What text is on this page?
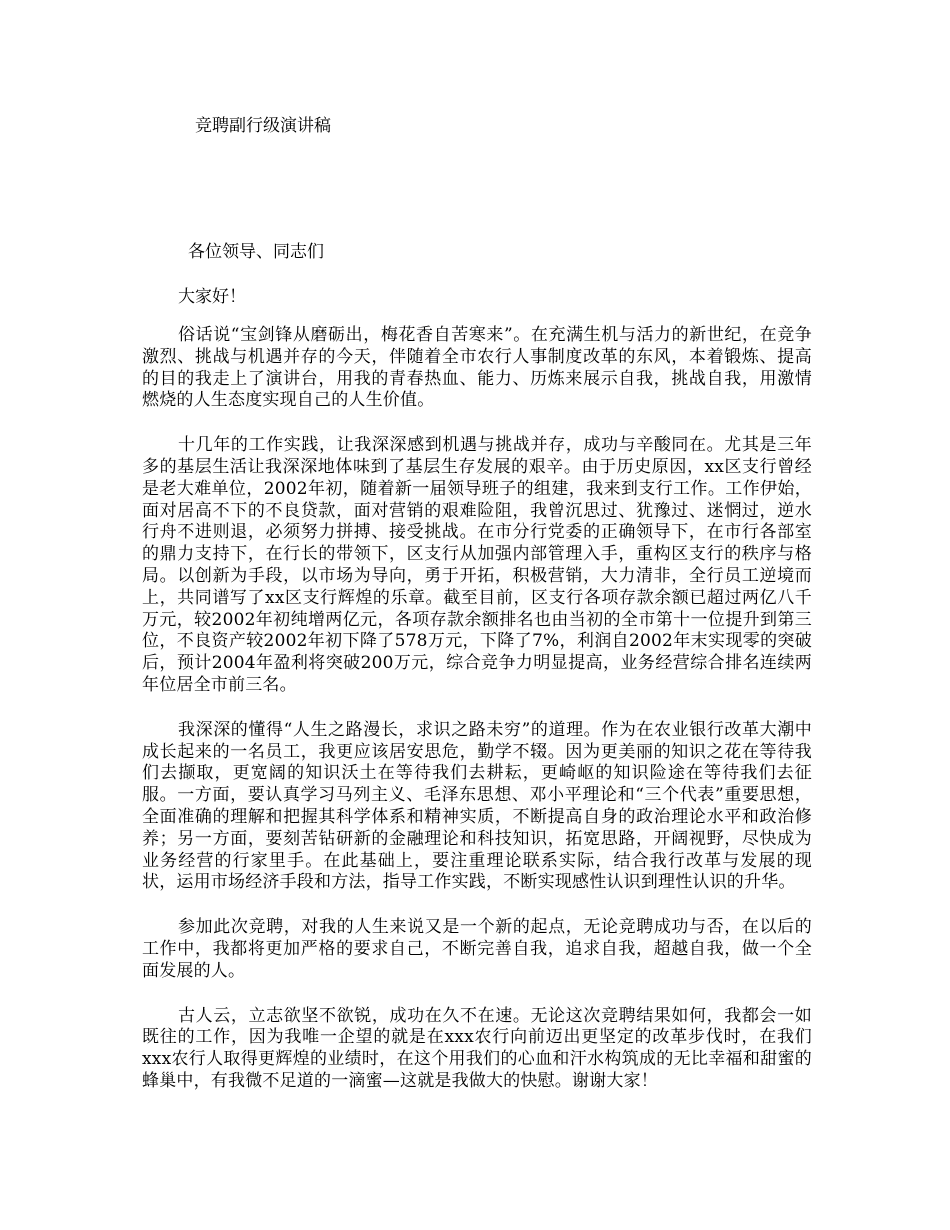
竞聘副行级演讲稿

各位领导、同志们

大家好！

俗话说“宝剑锋从磨砺出，梅花香自苦寒来”。在充满生机与活力的新世纪，在竞争激烈、挑战与机遇并存的今天，伴随着全市农行人事制度改革的东风，本着锻炼、提高的目的我走上了演讲台，用我的青春热血、能力、历炼来展示自我，挑战自我，用激情燃烧的人生态度实现自己的人生价值。

十几年的工作实践，让我深深感到机遇与挑战并存，成功与辛酸同在。尤其是三年多的基层生活让我深深地体味到了基层生存发展的艰辛。由于历史原因，xx区支行曾经是老大难单位，2002年初，随着新一届领导班子的组建，我来到支行工作。工作伊始，面对居高不下的不良贷款，面对营销的艰难险阻，我曾沉思过、犹豫过、迷惘过，逆水行舟不进则退，必须努力拼搏、接受挑战。在市分行党委的正确领导下，在市行各部室的鼎力支持下，在行长的带领下，区支行从加强内部管理入手，重构区支行的秩序与格局。以创新为手段，以市场为导向，勇于开拓，积极营销，大力清非，全行员工逆境而上，共同谱写了xx区支行辉煌的乐章。截至目前，区支行各项存款余额已超过两亿八千万元，较2002年初纯增两亿元，各项存款余额排名也由当初的全市第十一位提升到第三位，不良资产较2002年初下降了578万元，下降了7%，利润自2002年末实现零的突破后，预计2004年盈利将突破200万元，综合竞争力明显提高，业务经营综合排名连续两年位居全市前三名。

我深深的懂得“人生之路漫长，求识之路未穷”的道理。作为在农业银行改革大潮中成长起来的一名员工，我更应该居安思危，勤学不辍。因为更美丽的知识之花在等待我们去撷取，更宽阔的知识沃土在等待我们去耕耘，更崎岖的知识险途在等待我们去征服。一方面，要认真学习马列主义、毛泽东思想、邓小平理论和“三个代表”重要思想，全面准确的理解和把握其科学体系和精神实质，不断提高自身的政治理论水平和政治修养；另一方面，要刻苦钻研新的金融理论和科技知识，拓宽思路，开阔视野，尽快成为业务经营的行家里手。在此基础上，要注重理论联系实际，结合我行改革与发展的现状，运用市场经济手段和方法，指导工作实践，不断实现感性认识到理性认识的升华。

参加此次竞聘，对我的人生来说又是一个新的起点，无论竞聘成功与否，在以后的工作中，我都将更加严格的要求自己，不断完善自我，追求自我，超越自我，做一个全面发展的人。

古人云，立志欲坚不欲锐，成功在久不在速。无论这次竞聘结果如何，我都会一如既往的工作，因为我唯一企望的就是在xxx农行向前迈出更坚定的改革步伐时，在我们xxx农行人取得更辉煌的业绩时，在这个用我们的心血和汗水构筑成的无比幸福和甜蜜的蜂巢中，有我微不足道的一滴蜜—这就是我做大的快慰。谢谢大家！
